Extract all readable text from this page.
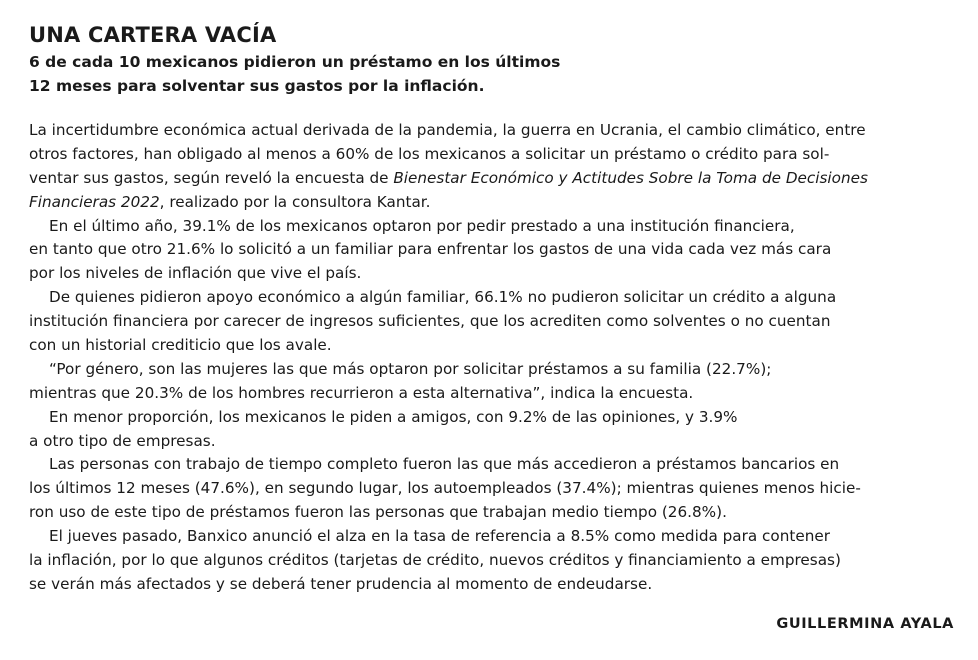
UNA CARTERA VACÍA

6 de cada 10 mexicanos pidieron un préstamo en los últimos
12 meses para solventar sus gastos por la inflación.

La incertidumbre económica actual derivada de la pandemia, la guerra en Ucrania, el cambio climático, entre
otros factores, han obligado al menos a 60% de los mexicanos a solicitar un préstamo o crédito para sol-
ventar sus gastos, según reveló la encuesta de Bienestar Económico y Actitudes Sobre la Toma de Decisiones
Financieras 2022, realizado por la consultora Kantar.
En el último año, 39.1% de los mexicanos optaron por pedir prestado a una institución financiera,
en tanto que otro 21.6% lo solicitó a un familiar para enfrentar los gastos de una vida cada vez más cara
por los niveles de inflación que vive el país.
De quienes pidieron apoyo económico a algún familiar, 66.1% no pudieron solicitar un crédito a alguna
institución financiera por carecer de ingresos suficientes, que los acrediten como solventes o no cuentan
con un historial crediticio que los avale.
“Por género, son las mujeres las que más optaron por solicitar préstamos a su familia (22.7%);
mientras que 20.3% de los hombres recurrieron a esta alternativa”, indica la encuesta.
En menor proporción, los mexicanos le piden a amigos, con 9.2% de las opiniones, y 3.9%
a otro tipo de empresas.
Las personas con trabajo de tiempo completo fueron las que más accedieron a préstamos bancarios en
los últimos 12 meses (47.6%), en segundo lugar, los autoempleados (37.4%); mientras quienes menos hicie-
ron uso de este tipo de préstamos fueron las personas que trabajan medio tiempo (26.8%).
El jueves pasado, Banxico anunció el alza en la tasa de referencia a 8.5% como medida para contener
la inflación, por lo que algunos créditos (tarjetas de crédito, nuevos créditos y financiamiento a empresas)
se verán más afectados y se deberá tener prudencia al momento de endeudarse.

GUILLERMINA AYALA
